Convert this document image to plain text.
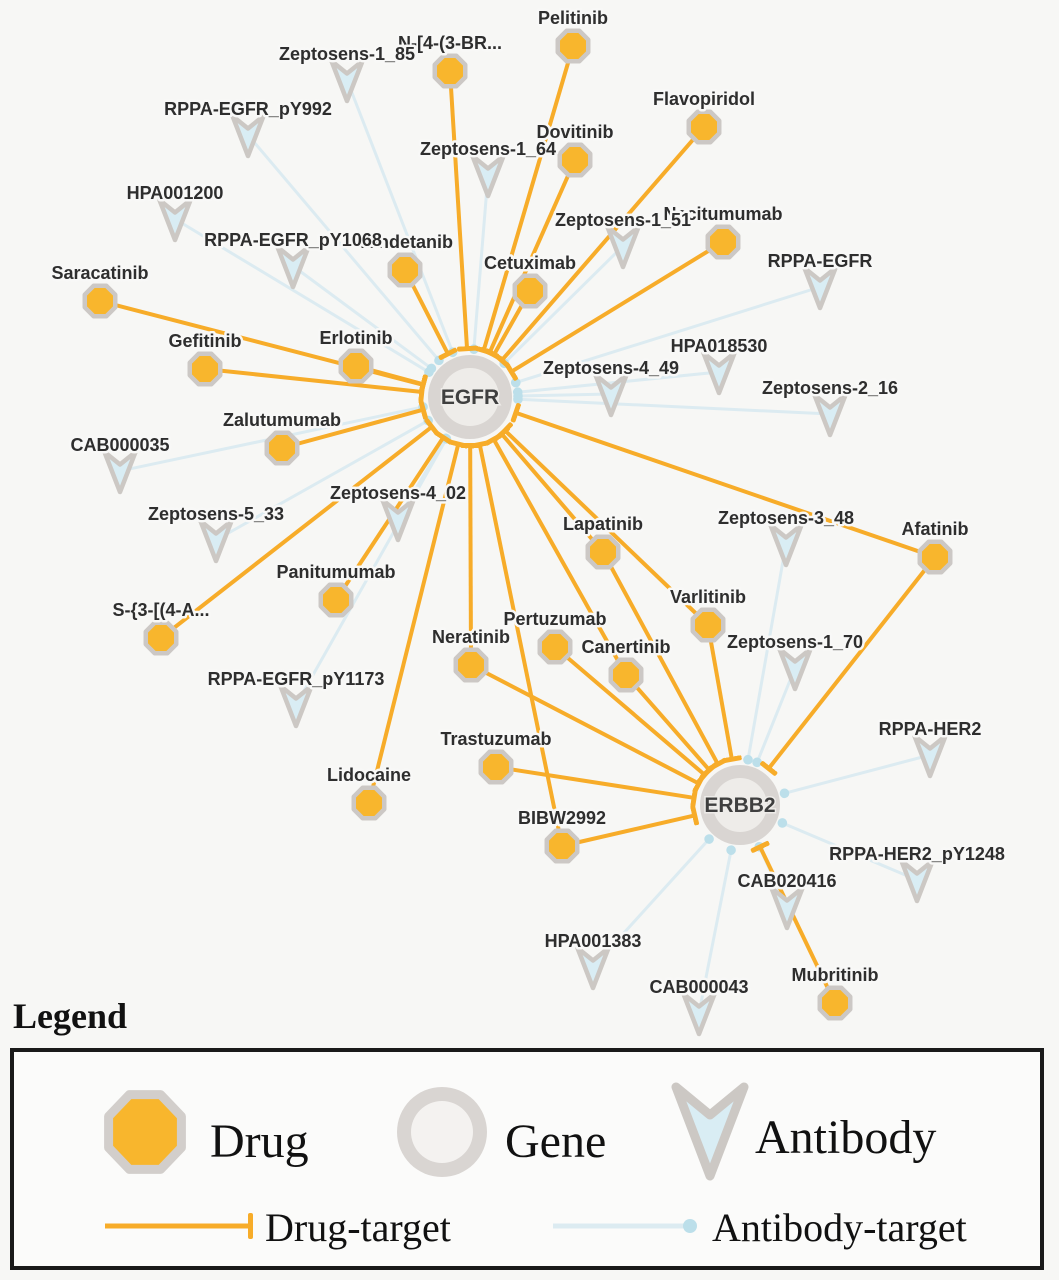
EGFR
ERBB2
Pelitinib
N-[4-(3-BR...
Flavopiridol
Dovitinib
Necitumumab
Vandetanib
Cetuximab
Saracatinib
Gefitinib	Erlotinib
Zalutumumab
Afatinib
Lapatinib
Varlitinib
Pertuzumab
Neratinib	Canertinib
Panitumumab
S-{3-[(4-A...
Trastuzumab
Lidocaine
BIBW2992
Mubritinib
Zeptosens-1_85
RPPA-EGFR_pY992
HPA001200
RPPA-EGFR_pY1068
Zeptosens-1_64
Zeptosens-1_51
RPPA-EGFR
Zeptosens-4_49
HPA018530
Zeptosens-2_16
CAB000035
Zeptosens-5_33
Zeptosens-4_02
RPPA-EGFR_pY1173
Zeptosens-3_48
Zeptosens-1_70
RPPA-HER2
RPPA-HER2_pY1248
CAB020416
HPA001383
CAB000043
Legend
Drug	Gene	Antibody
Drug-target	Antibody-target
